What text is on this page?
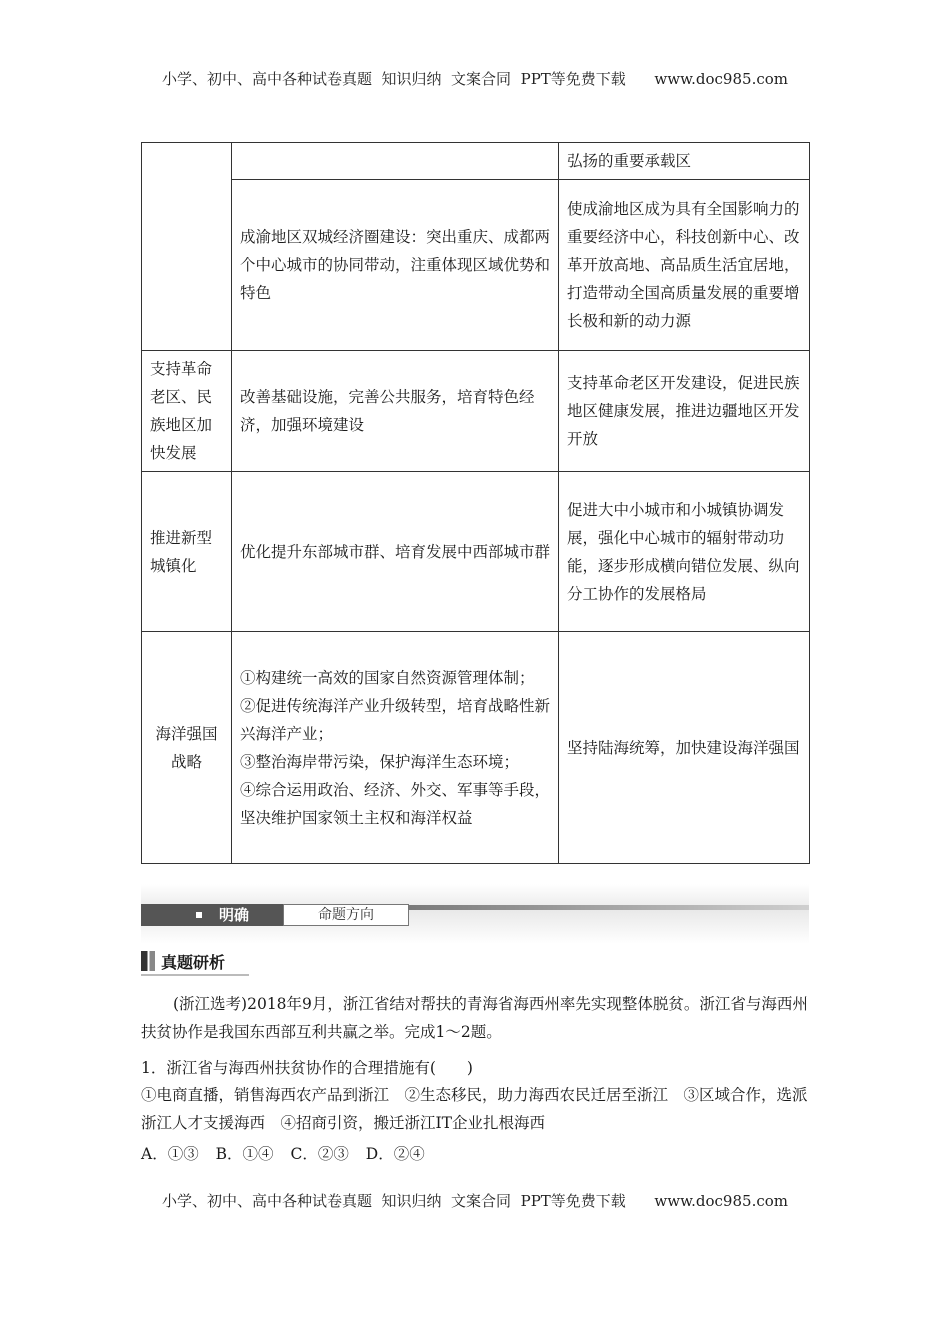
小学、初中、高中各种试卷真题  知识归纳  文案合同  PPT等免费下载      www.doc985.com
		弘扬的重要承载区
	成渝地区双城经济圈建设：突出重庆、成都两个中心城市的协同带动，注重体现区域优势和特色	使成渝地区成为具有全国影响力的重要经济中心，科技创新中心、改革开放高地、高品质生活宜居地，打造带动全国高质量发展的重要增长极和新的动力源
支持革命老区、民族地区加快发展	改善基础设施，完善公共服务，培育特色经济，加强环境建设	支持革命老区开发建设，促进民族地区健康发展，推进边疆地区开发开放
推进新型城镇化	优化提升东部城市群、培育发展中西部城市群	促进大中小城市和小城镇协调发展，强化中心城市的辐射带动功能，逐步形成横向错位发展、纵向分工协作的发展格局
海洋强国战略	①构建统一高效的国家自然资源管理体制；
②促进传统海洋产业升级转型，培育战略性新兴海洋产业；
③整治海岸带污染，保护海洋生态环境；
④综合运用政治、经济、外交、军事等手段，坚决维护国家领土主权和海洋权益	坚持陆海统筹，加快建设海洋强国
明确	命题方向
真题研析
(浙江选考)2018年9月，浙江省结对帮扶的青海省海西州率先实现整体脱贫。浙江省与海西州扶贫协作是我国东西部互利共赢之举。完成1～2题。
1．浙江省与海西州扶贫协作的合理措施有(　　)
①电商直播，销售海西农产品到浙江　②生态移民，助力海西农民迁居至浙江　③区域合作，选派浙江人才支援海西　④招商引资，搬迁浙江IT企业扎根海西
A．①③ B．①④ C．②③ D．②④
小学、初中、高中各种试卷真题  知识归纳  文案合同  PPT等免费下载      www.doc985.com
